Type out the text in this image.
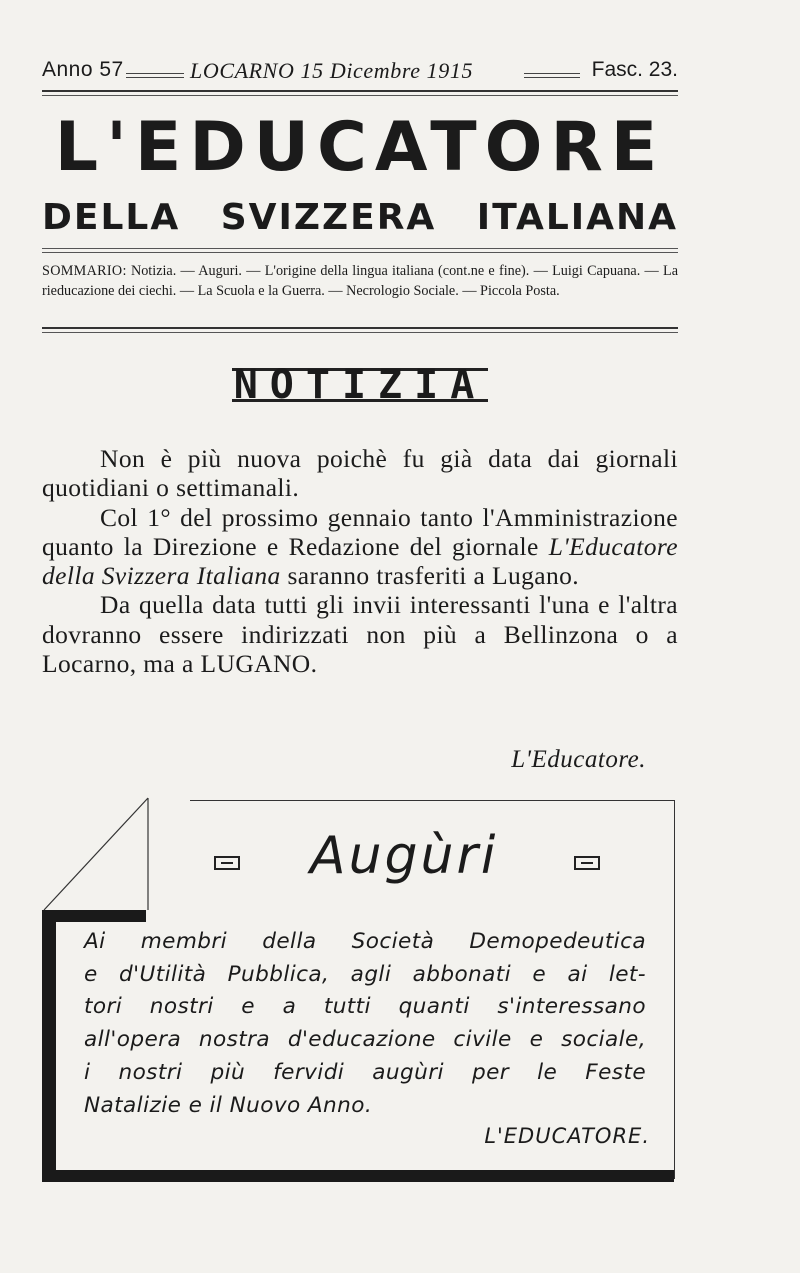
Anno 57	LOCARNO 15 Dicembre 1915	Fasc. 23.
L'EDUCATORE
DELLA SVIZZERA ITALIANA
SOMMARIO: Notizia. — Auguri. — L'origine della lingua italiana (cont.ne e fine). — Luigi Capuana. — La rieducazione dei ciechi. — La Scuola e la Guerra. — Necrologio Sociale. — Piccola Posta.
NOTIZIA

Non è più nuova poichè fu già data dai giornali quotidiani o settimanali.

Col 1° del prossimo gennaio tanto l'Amministrazione quanto la Direzione e Redazione del giornale L'Educatore della Svizzera Italiana saranno trasferiti a Lugano.

Da quella data tutti gli invii interessanti l'una e l'altra dovranno essere indirizzati non più a Bellinzona o a Locarno, ma a LUGANO.

L'Educatore.
Augùri
Ai membri della Società Demopedeutica
e d'Utilità Pubblica, agli abbonati e ai let-
tori nostri e a tutti quanti s'interessano
all'opera nostra d'educazione civile e sociale,
i nostri più fervidi augùri per le Feste
Natalizie e il Nuovo Anno.
L'EDUCATORE.
